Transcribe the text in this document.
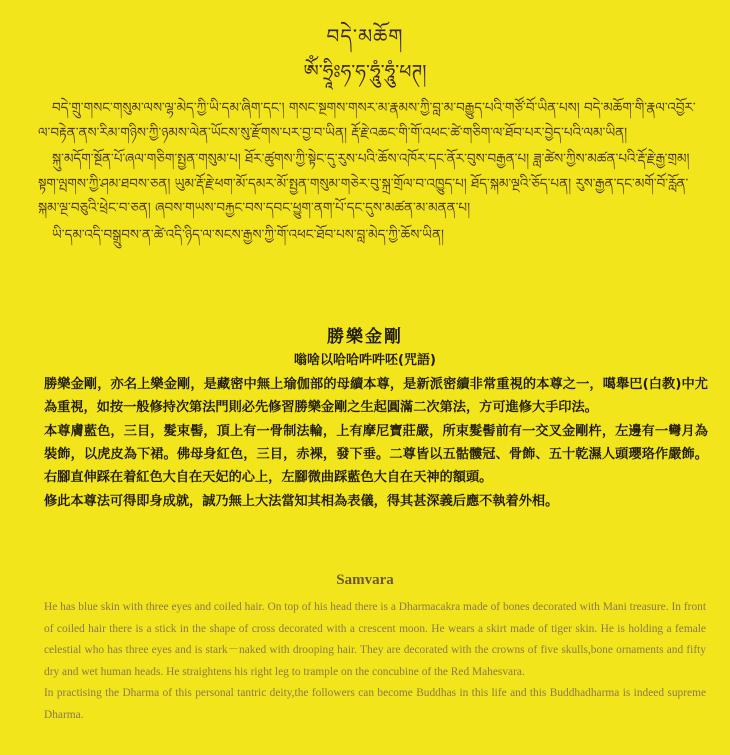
བདེ་མཆོག
ཨོཾ་ཧྲཱིཿཧ་ཧ་ཧཱུཾ་ཧཱུཾ་ཕཊ།

བདེ་གྲུ་གསང་གསུམ་ལས་ལྷ་མེད་ཀྱི་ཡི་དམ་ཞིག་དང་། གསང་སྔགས་གསར་མ་རྣམས་ཀྱི་བླ་མ་བརྒྱུད་པའི་གཙོ་བོ་ཡིན་པས། བདེ་མཆོག་གི་རྣལ་འབྱོར་ལ་བརྟེན་ནས་རིམ་གཉིས་ཀྱི་ཉམས་ལེན་ཡོངས་སུ་རྫོགས་པར་བྱ་བ་ཡིན། རྡོ་རྗེ་འཆང་གི་གོ་འཕང་ཚེ་གཅིག་ལ་ཐོབ་པར་བྱེད་པའི་ལམ་ཡིན།

སྐུ་མདོག་སྔོན་པོ་ཞལ་གཅིག་སྤྱན་གསུམ་པ། ཐོར་ཚུགས་ཀྱི་སྟེང་དུ་རུས་པའི་ཆོས་འཁོར་དང་ནོར་བུས་བརྒྱན་པ། ཟླ་ཚེས་ཀྱིས་མཚན་པའི་རྡོ་རྗེ་རྒྱ་གྲམ། སྟག་ལྤགས་ཀྱི་ཤམ་ཐབས་ཅན། ཡུམ་རྡོ་རྗེ་ཕག་མོ་དམར་མོ་སྤྱན་གསུམ་གཅེར་བུ་སྐྲ་གྲོལ་བ་འཁྱུད་པ། ཐོད་སྐམ་ལྔའི་ཅོད་པན། རུས་རྒྱན་དང་མགོ་བོ་རློན་སྐམ་ལྔ་བཅུའི་ཕྲེང་བ་ཅན། ཞབས་གཡས་བརྐྱང་བས་དབང་ཕྱུག་ནག་པོ་དང་དུས་མཚན་མ་མནན་པ།

ཡི་དམ་འདི་བསྒྲུབས་ན་ཚེ་འདི་ཉིད་ལ་སངས་རྒྱས་ཀྱི་གོ་འཕང་ཐོབ་པས་བླ་མེད་ཀྱི་ཆོས་ཡིན།

勝樂金剛
嗡啥以哈哈吽吽呸(咒語)

勝樂金剛，亦名上樂金剛，是藏密中無上瑜伽部的母續本尊，是新派密續非常重視的本尊之一，噶舉巴(白教)中尤為重視，如按一般修持次第法門則必先修習勝樂金剛之生起圓滿二次第法，方可進修大手印法。

本尊膚藍色，三目，髮束髻，頂上有一骨制法輪，上有摩尼寶莊嚴，所束髮髻前有一交叉金剛杵，左邊有一彎月為裝飾，以虎皮為下裙。佛母身紅色，三目，赤裸，發下垂。二尊皆以五骷髏冠、骨飾、五十乾濕人頭瓔珞作嚴飾。右腳直伸踩在着紅色大自在天妃的心上，左腳微曲踩藍色大自在天神的額頭。

修此本尊法可得即身成就，誠乃無上大法當知其相為表儀，得其甚深義后應不執着外相。

Samvara

He has blue skin with three eyes and coiled hair. On top of his head there is a Dharmacakra made of bones decorated with Mani treasure. In front of coiled hair there is a stick in the shape of cross decorated with a crescent moon. He wears a skirt made of tiger skin. He is holding a female celestial who has three eyes and is stark－naked with drooping hair. They are decorated with the crowns of five skulls,bone ornaments and fifty dry and wet human heads. He straightens his right leg to trample on the concubine of the Red Mahesvara.

In practising the Dharma of this personal tantric deity,the followers can become Buddhas in this life and this Buddhadharma is indeed supreme Dharma.
